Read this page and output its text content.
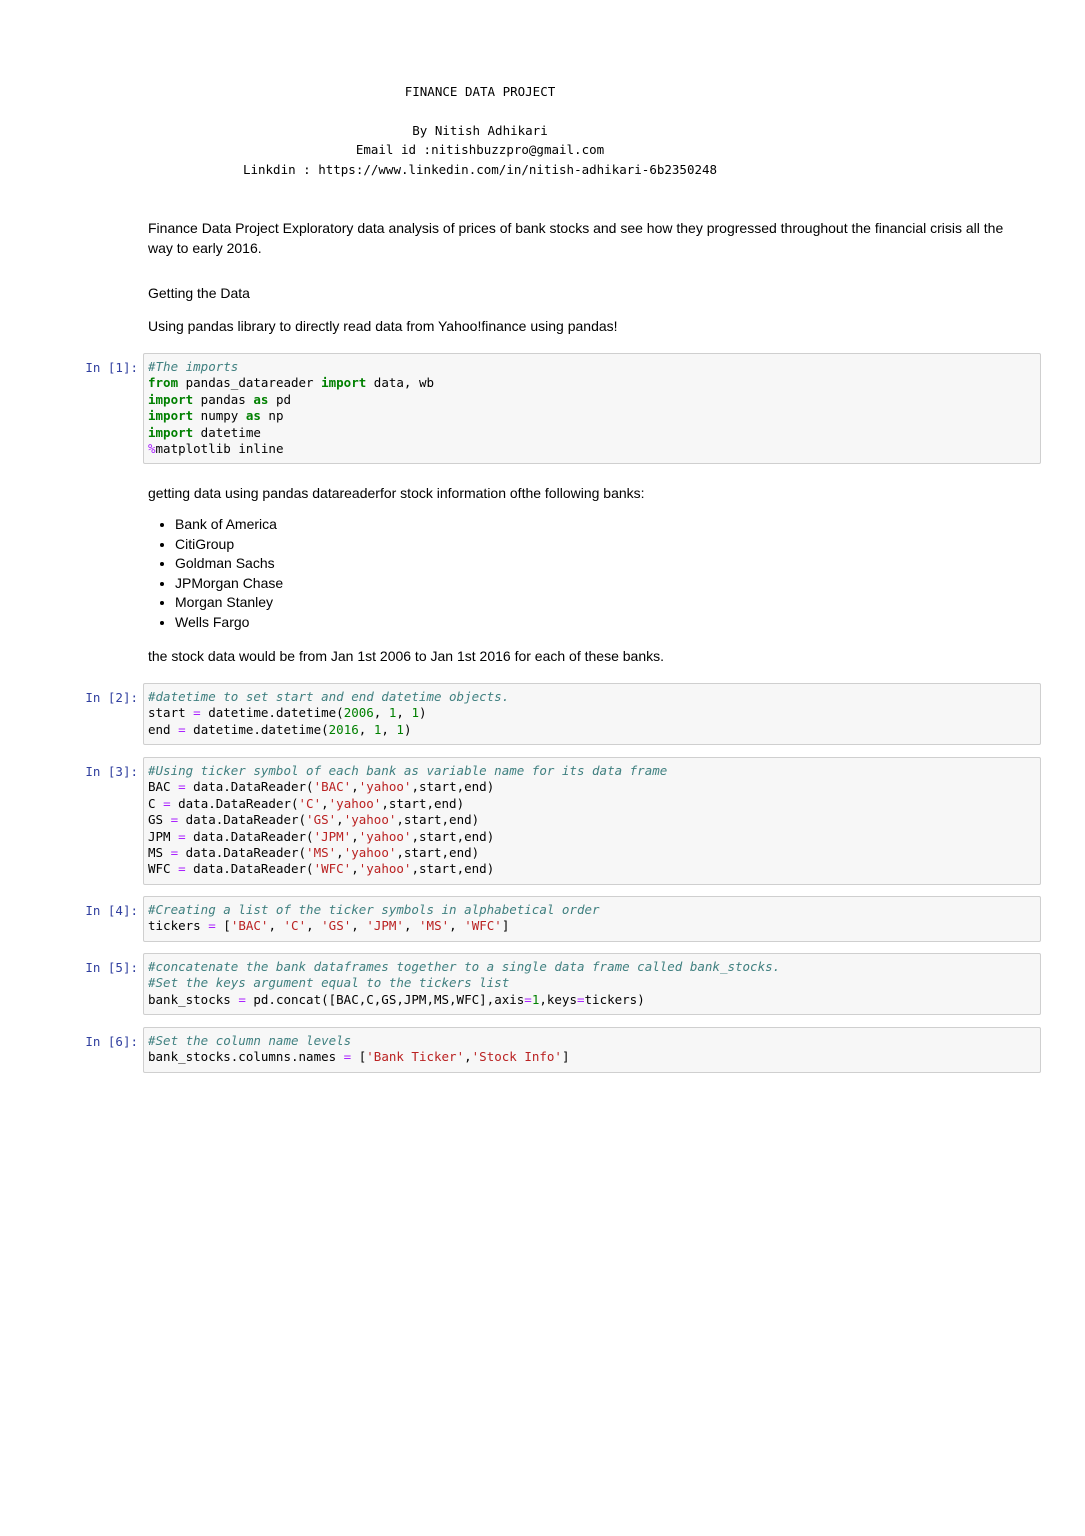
FINANCE DATA PROJECT
By Nitish Adhikari
Email id :nitishbuzzpro@gmail.com
Linkdin : https://www.linkedin.com/in/nitish-adhikari-6b2350248
Finance Data Project Exploratory data analysis of prices of bank stocks and see how they progressed throughout the financial crisis all the way to early 2016.
Getting the Data
Using pandas library to directly read data from Yahoo!finance using pandas!
In [1]: #The imports
from pandas_datareader import data, wb
import pandas as pd
import numpy as np
import datetime
%matplotlib inline
getting data using pandas datareaderfor stock information ofthe following banks:
• Bank of America
• CitiGroup
• Goldman Sachs
• JPMorgan Chase
• Morgan Stanley
• Wells Fargo
the stock data would be from Jan 1st 2006 to Jan 1st 2016 for each of these banks.
In [2]: #datetime to set start and end datetime objects.
start = datetime.datetime(2006, 1, 1)
end = datetime.datetime(2016, 1, 1)
In [3]: #Using ticker symbol of each bank as variable name for its data frame
BAC = data.DataReader('BAC','yahoo',start,end)
C = data.DataReader('C','yahoo',start,end)
GS = data.DataReader('GS','yahoo',start,end)
JPM = data.DataReader('JPM','yahoo',start,end)
MS = data.DataReader('MS','yahoo',start,end)
WFC = data.DataReader('WFC','yahoo',start,end)
In [4]: #Creating a list of the ticker symbols in alphabetical order
tickers = ['BAC', 'C', 'GS', 'JPM', 'MS', 'WFC']
In [5]: #concatenate the bank dataframes together to a single data frame called bank_stocks.
#Set the keys argument equal to the tickers list
bank_stocks = pd.concat([BAC,C,GS,JPM,MS,WFC],axis=1,keys=tickers)
In [6]: #Set the column name levels
bank_stocks.columns.names = ['Bank Ticker','Stock Info']
